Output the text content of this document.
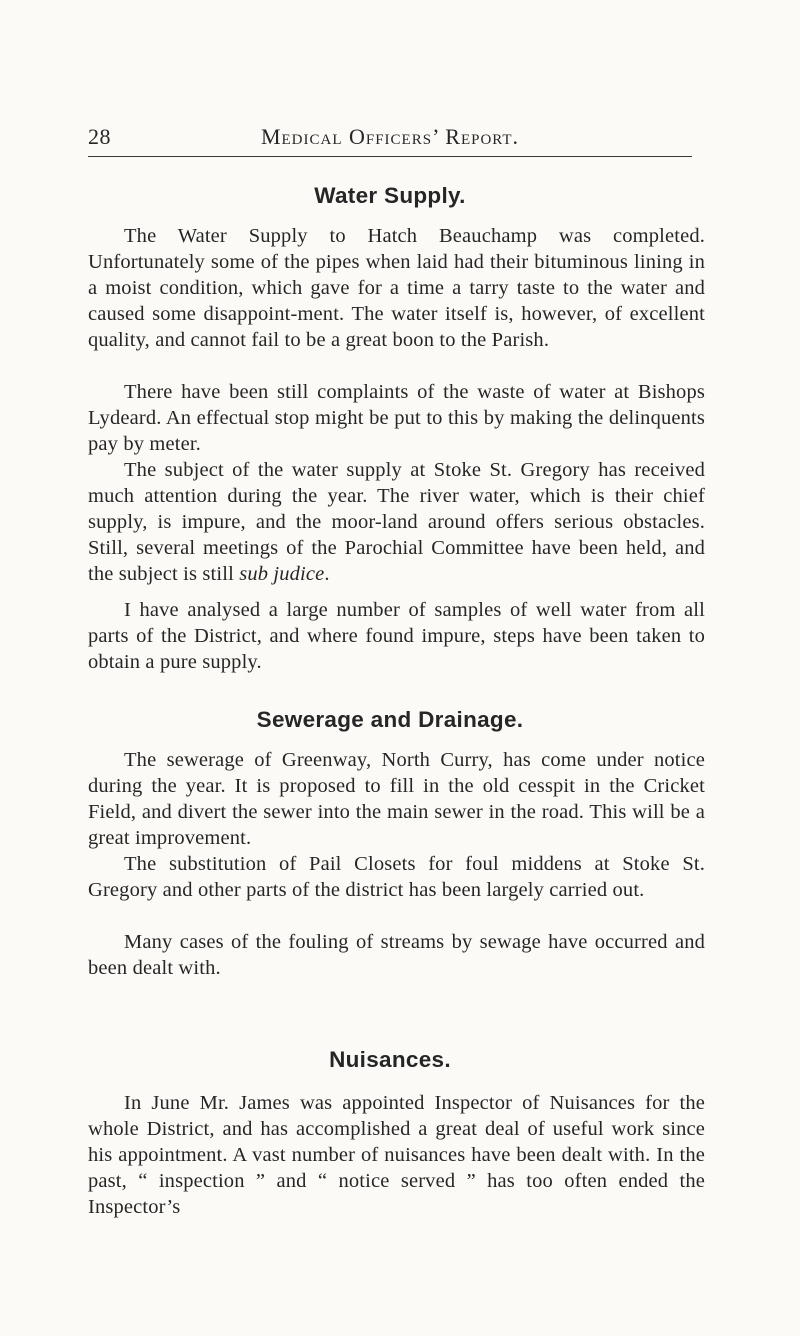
28	Medical Officers’ Report.
Water Supply.

The Water Supply to Hatch Beauchamp was completed. Unfortunately some of the pipes when laid had their bituminous lining in a moist condition, which gave for a time a tarry taste to the water and caused some disappoint-ment. The water itself is, however, of excellent quality, and cannot fail to be a great boon to the Parish.

There have been still complaints of the waste of water at Bishops Lydeard. An effectual stop might be put to this by making the delinquents pay by meter.

The subject of the water supply at Stoke St. Gregory has received much attention during the year. The river water, which is their chief supply, is impure, and the moor-land around offers serious obstacles. Still, several meetings of the Parochial Committee have been held, and the subject is still sub judice.

I have analysed a large number of samples of well water from all parts of the District, and where found impure, steps have been taken to obtain a pure supply.

Sewerage and Drainage.

The sewerage of Greenway, North Curry, has come under notice during the year. It is proposed to fill in the old cesspit in the Cricket Field, and divert the sewer into the main sewer in the road. This will be a great improvement.

The substitution of Pail Closets for foul middens at Stoke St. Gregory and other parts of the district has been largely carried out.

Many cases of the fouling of streams by sewage have occurred and been dealt with.

Nuisances.

In June Mr. James was appointed Inspector of Nuisances for the whole District, and has accomplished a great deal of useful work since his appointment. A vast number of nuisances have been dealt with. In the past, “ inspection ” and “ notice served ” has too often ended the Inspector’s
